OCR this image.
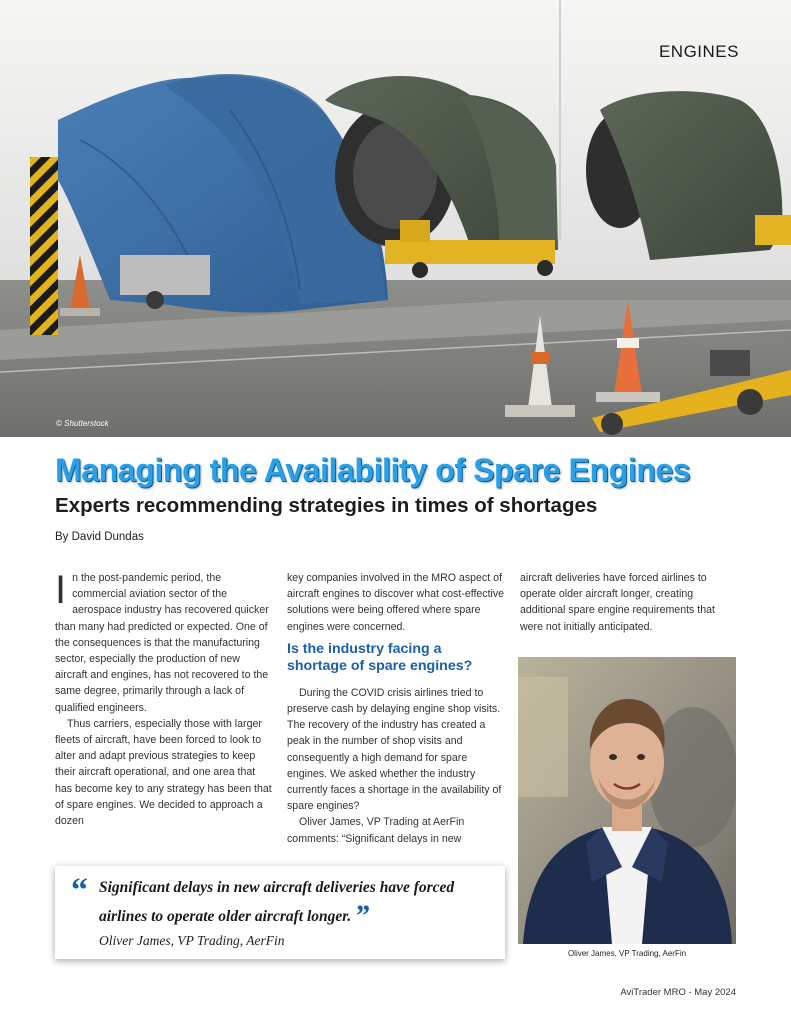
ENGINES
© Shutterstock
Managing the Availability of Spare Engines
Experts recommending strategies in times of shortages
By David Dundas

In the post-pandemic period, the commercial aviation sector of the aerospace industry has recovered quicker than many had predicted or expected. One of the consequences is that the manufacturing sector, especially the production of new aircraft and engines, has not recovered to the same degree, primarily through a lack of qualified engineers.

Thus carriers, especially those with larger fleets of aircraft, have been forced to look to alter and adapt previous strategies to keep their aircraft operational, and one area that has become key to any strategy has been that of spare engines. We decided to approach a dozen

key companies involved in the MRO aspect of aircraft engines to discover what cost-effective solutions were being offered where spare engines were concerned.

Is the industry facing a shortage of spare engines?

During the COVID crisis airlines tried to preserve cash by delaying engine shop visits. The recovery of the industry has created a peak in the number of shop visits and consequently a high demand for spare engines. We asked whether the industry currently faces a shortage in the availability of spare engines?

Oliver James, VP Trading at AerFin comments: “Significant delays in new

aircraft deliveries have forced airlines to operate older aircraft longer, creating additional spare engine requirements that were not initially anticipated.

Oliver James, VP Trading, AerFin
“ Significant delays in new aircraft deliveries have forced airlines to operate older aircraft longer. ”
Oliver James, VP Trading, AerFin
AviTrader MRO - May 2024
